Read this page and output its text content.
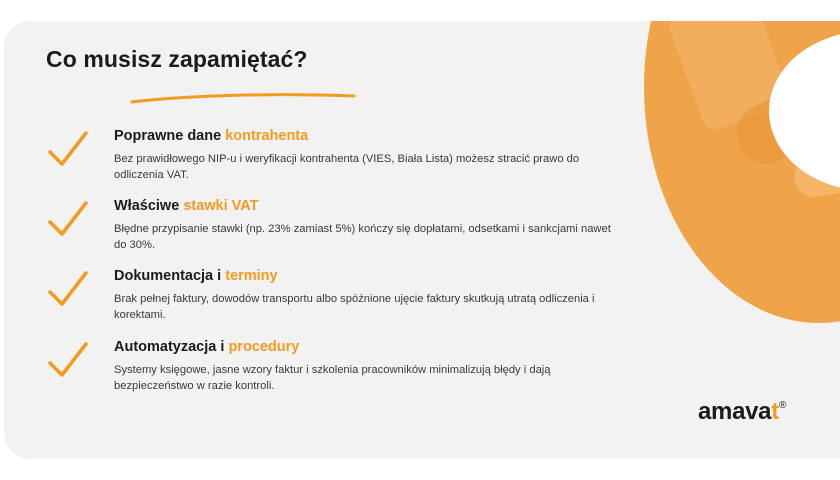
Co musisz zapamiętać?
Poprawne dane kontrahenta
Bez prawidłowego NIP-u i weryfikacji kontrahenta (VIES, Biała Lista) możesz stracić prawo do odliczenia VAT.
Właściwe stawki VAT
Błędne przypisanie stawki (np. 23% zamiast 5%) kończy się dopłatami, odsetkami i sankcjami nawet do 30%.
Dokumentacja i terminy
Brak pełnej faktury, dowodów transportu albo spóźnione ujęcie faktury skutkują utratą odliczenia i korektami.
Automatyzacja i procedury
Systemy księgowe, jasne wzory faktur i szkolenia pracowników minimalizują błędy i dają bezpieczeństwo w razie kontroli.
amavat®
